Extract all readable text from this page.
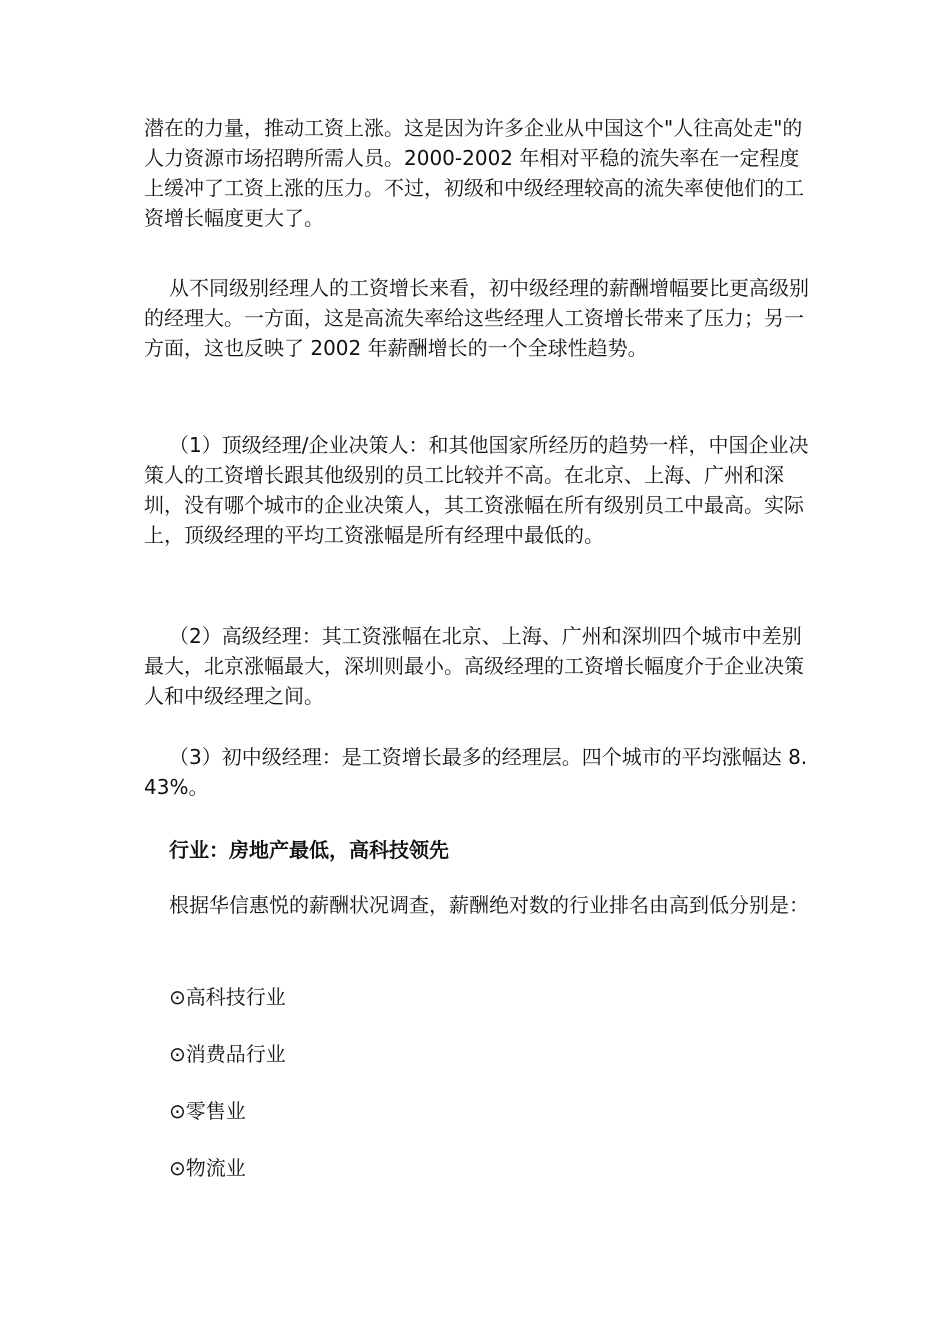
潜在的力量，推动工资上涨。这是因为许多企业从中国这个"人往高处走"的人力资源市场招聘所需人员。2000-2002 年相对平稳的流失率在一定程度上缓冲了工资上涨的压力。不过，初级和中级经理较高的流失率使他们的工资增长幅度更大了。

从不同级别经理人的工资增长来看，初中级经理的薪酬增幅要比更高级别的经理大。一方面，这是高流失率给这些经理人工资增长带来了压力；另一方面，这也反映了 2002 年薪酬增长的一个全球性趋势。

（1）顶级经理/企业决策人：和其他国家所经历的趋势一样，中国企业决策人的工资增长跟其他级别的员工比较并不高。在北京、上海、广州和深圳，没有哪个城市的企业决策人，其工资涨幅在所有级别员工中最高。实际上，顶级经理的平均工资涨幅是所有经理中最低的。

（2）高级经理：其工资涨幅在北京、上海、广州和深圳四个城市中差别最大，北京涨幅最大，深圳则最小。高级经理的工资增长幅度介于企业决策人和中级经理之间。

（3）初中级经理：是工资增长最多的经理层。四个城市的平均涨幅达 8.43%。

行业：房地产最低，高科技领先

根据华信惠悦的薪酬状况调查，薪酬绝对数的行业排名由高到低分别是：

⊙高科技行业

⊙消费品行业

⊙零售业

⊙物流业
